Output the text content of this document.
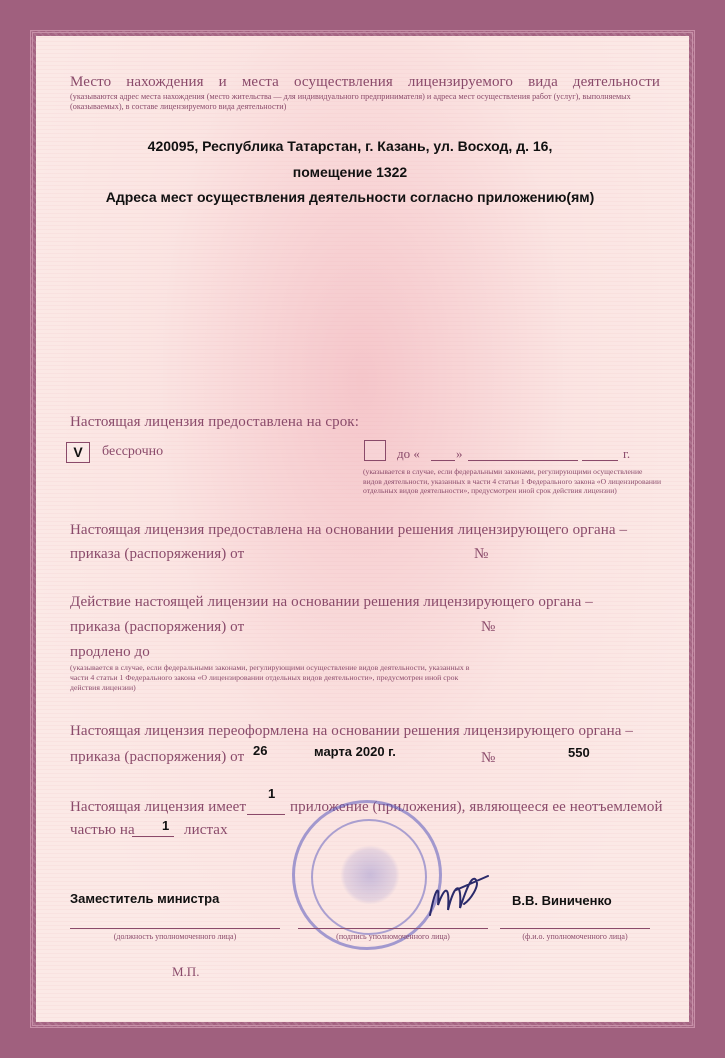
Место нахождения и места осуществления лицензируемого вида деятельности
(указываются адрес места нахождения (место жительства — для индивидуального предпринимателя) и адреса мест осуществления работ (услуг), выполняемых (оказываемых), в составе лицензируемого вида деятельности)
420095, Республика Татарстан, г. Казань, ул. Восход, д. 16,
помещение 1322
Адреса мест осуществления деятельности согласно приложению(ям)
Настоящая лицензия предоставлена на срок:
V	бессрочно	до «	»	г.
(указывается в случае, если федеральными законами, регулирующими осуществление видов деятельности, указанных в части 4 статьи 1 Федерального закона «О лицензировании отдельных видов деятельности», предусмотрен иной срок действия лицензии)
Настоящая лицензия предоставлена на основании решения лицензирующего органа –
приказа (распоряжения) от	№
Действие настоящей лицензии на основании решения лицензирующего органа –
приказа (распоряжения) от	№
продлено до
(указывается в случае, если федеральными законами, регулирующими осуществление видов деятельности, указанных в части 4 статьи 1 Федерального закона «О лицензировании отдельных видов деятельности», предусмотрен иной срок действия лицензии)
Настоящая лицензия переоформлена на основании решения лицензирующего органа –
приказа (распоряжения) от 26	марта 2020 г.	№	550
Настоящая лицензия имеет
1
приложение (приложения), являющееся ее неотъемлемой
частью на 1 листах
Заместитель министра	В.В. Виниченко
(должность уполномоченного лица)	(подпись уполномоченного лица)	(ф.и.о. уполномоченного лица)
М.П.
